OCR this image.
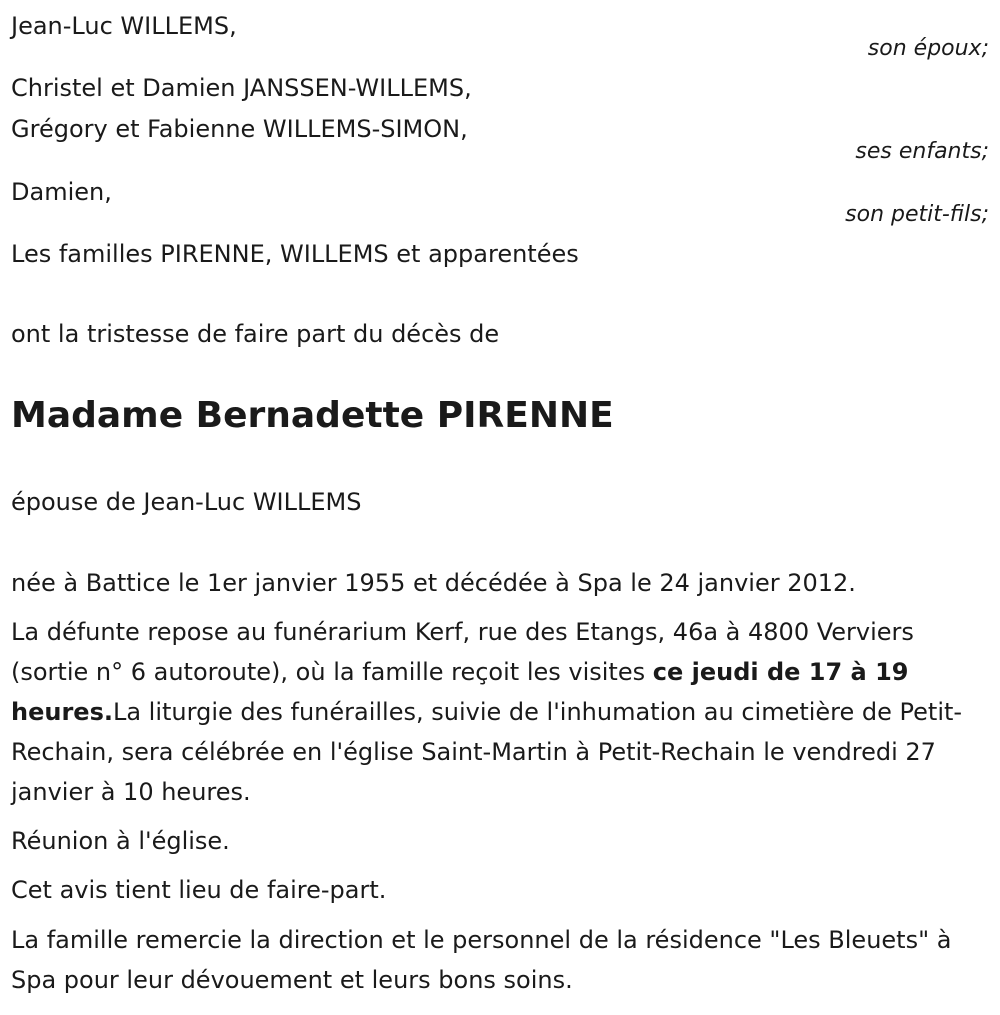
Jean-Luc WILLEMS,
son époux;
Christel et Damien JANSSEN-WILLEMS,
Grégory et Fabienne WILLEMS-SIMON,
ses enfants;
Damien,
son petit-fils;
Les familles PIRENNE, WILLEMS et apparentées
ont la tristesse de faire part du décès de
Madame Bernadette PIRENNE
épouse de Jean-Luc WILLEMS
née à Battice le 1er janvier 1955 et décédée à Spa le 24 janvier 2012.
La défunte repose au funérarium Kerf, rue des Etangs, 46a à 4800 Verviers (sortie n° 6 autoroute), où la famille reçoit les visites ce jeudi de 17 à 19 heures.La liturgie des funérailles, suivie de l'inhumation au cimetière de Petit-Rechain, sera célébrée en l'église Saint-Martin à Petit-Rechain le vendredi 27 janvier à 10 heures.
Réunion à l'église.
Cet avis tient lieu de faire-part.
La famille remercie la direction et le personnel de la résidence "Les Bleuets" à Spa pour leur dévouement et leurs bons soins.
